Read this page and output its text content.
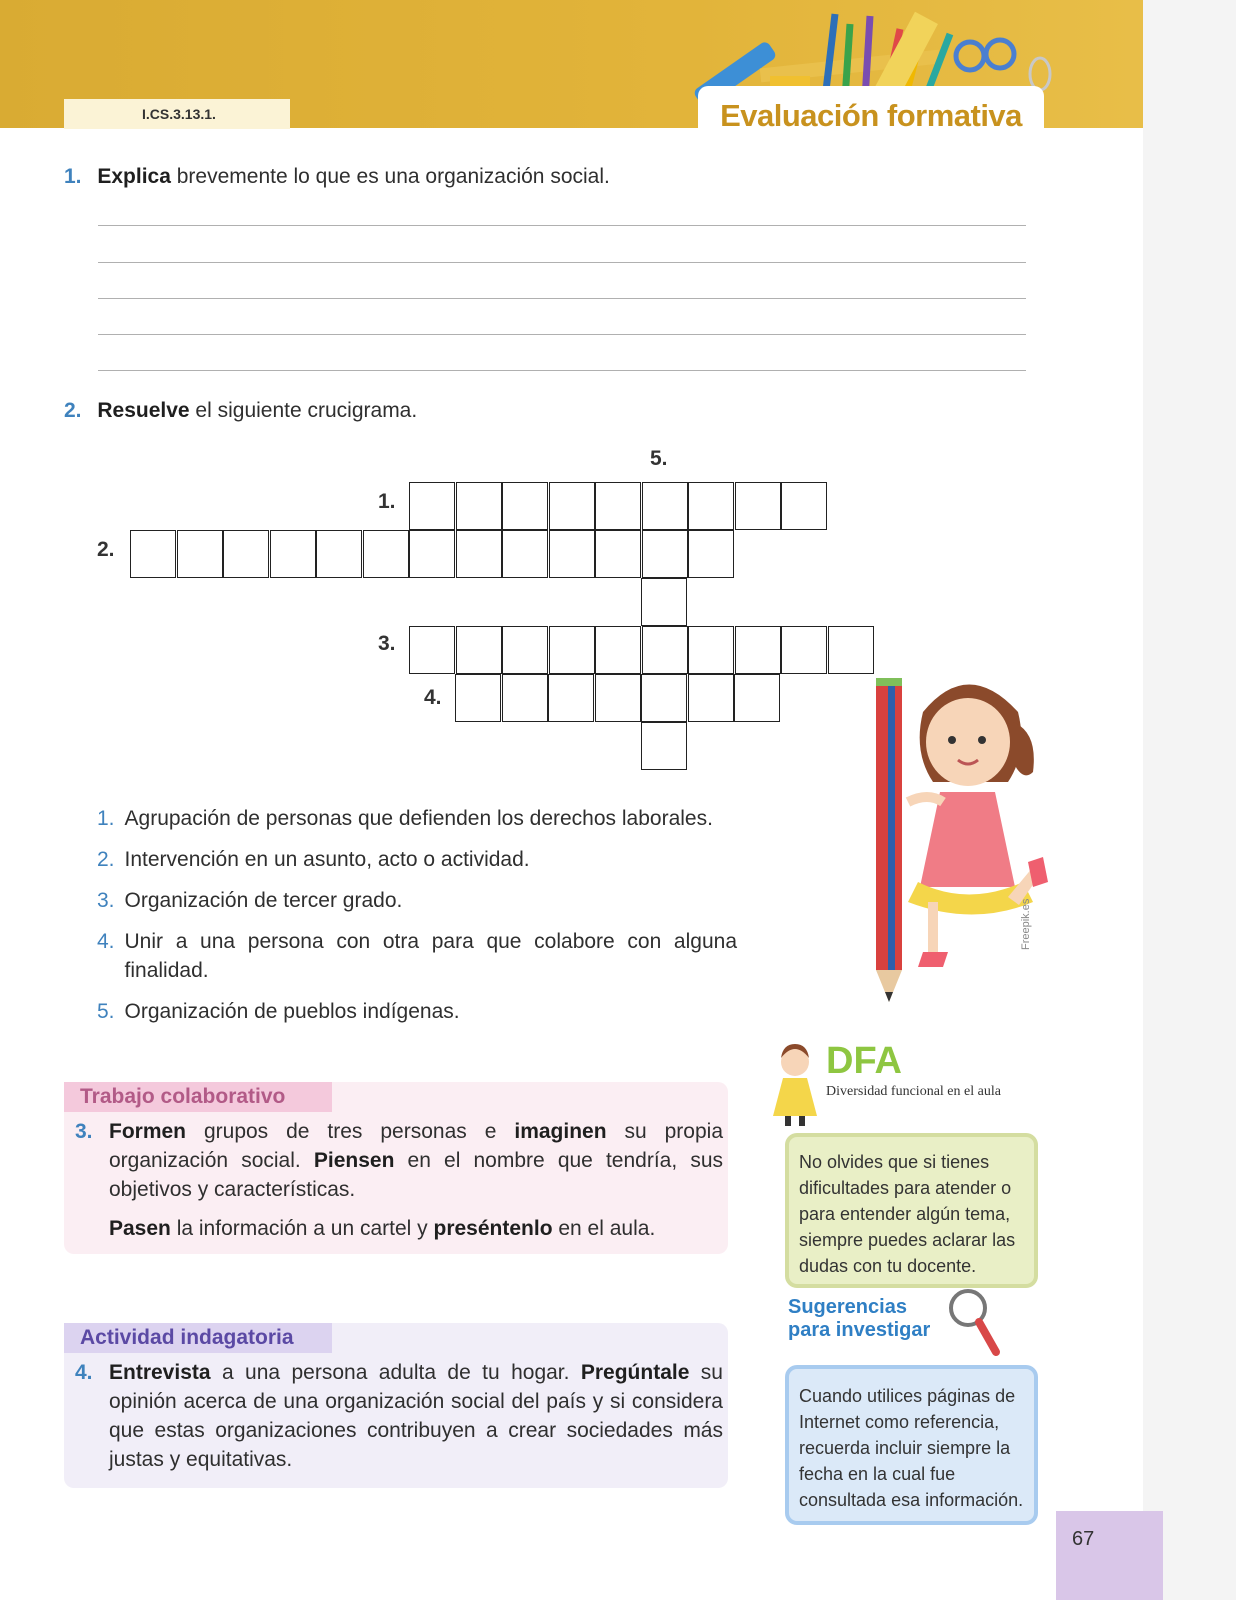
I.CS.3.13.1.	Evaluación formativa
1. Explica brevemente lo que es una organización social.
2. Resuelve el siguiente crucigrama.
1.
2.
3.
4.
5.
1. Agrupación de personas que defienden los derechos laborales.
2. Intervención en un asunto, acto o actividad.
3. Organización de tercer grado.
4. Unir a una persona con otra para que colabore con alguna finalidad.
5. Organización de pueblos indígenas.
Freepik.es
Trabajo colaborativo
3. Formen grupos de tres personas e imaginen su propia organización social. Piensen en el nombre que tendría, sus objetivos y características.
Pasen la información a un cartel y preséntenlo en el aula.
Actividad indagatoria
4. Entrevista a una persona adulta de tu hogar. Pregúntale su opinión acerca de una organización social del país y si considera que estas organizaciones contribuyen a crear sociedades más justas y equitativas.
DFA
Diversidad funcional en el aula
No olvides que si tienes dificultades para atender o para entender algún tema, siempre puedes aclarar las dudas con tu docente.
Sugerencias
para investigar
Cuando utilices páginas de Internet como referencia, recuerda incluir siempre la fecha en la cual fue consultada esa información.
67
